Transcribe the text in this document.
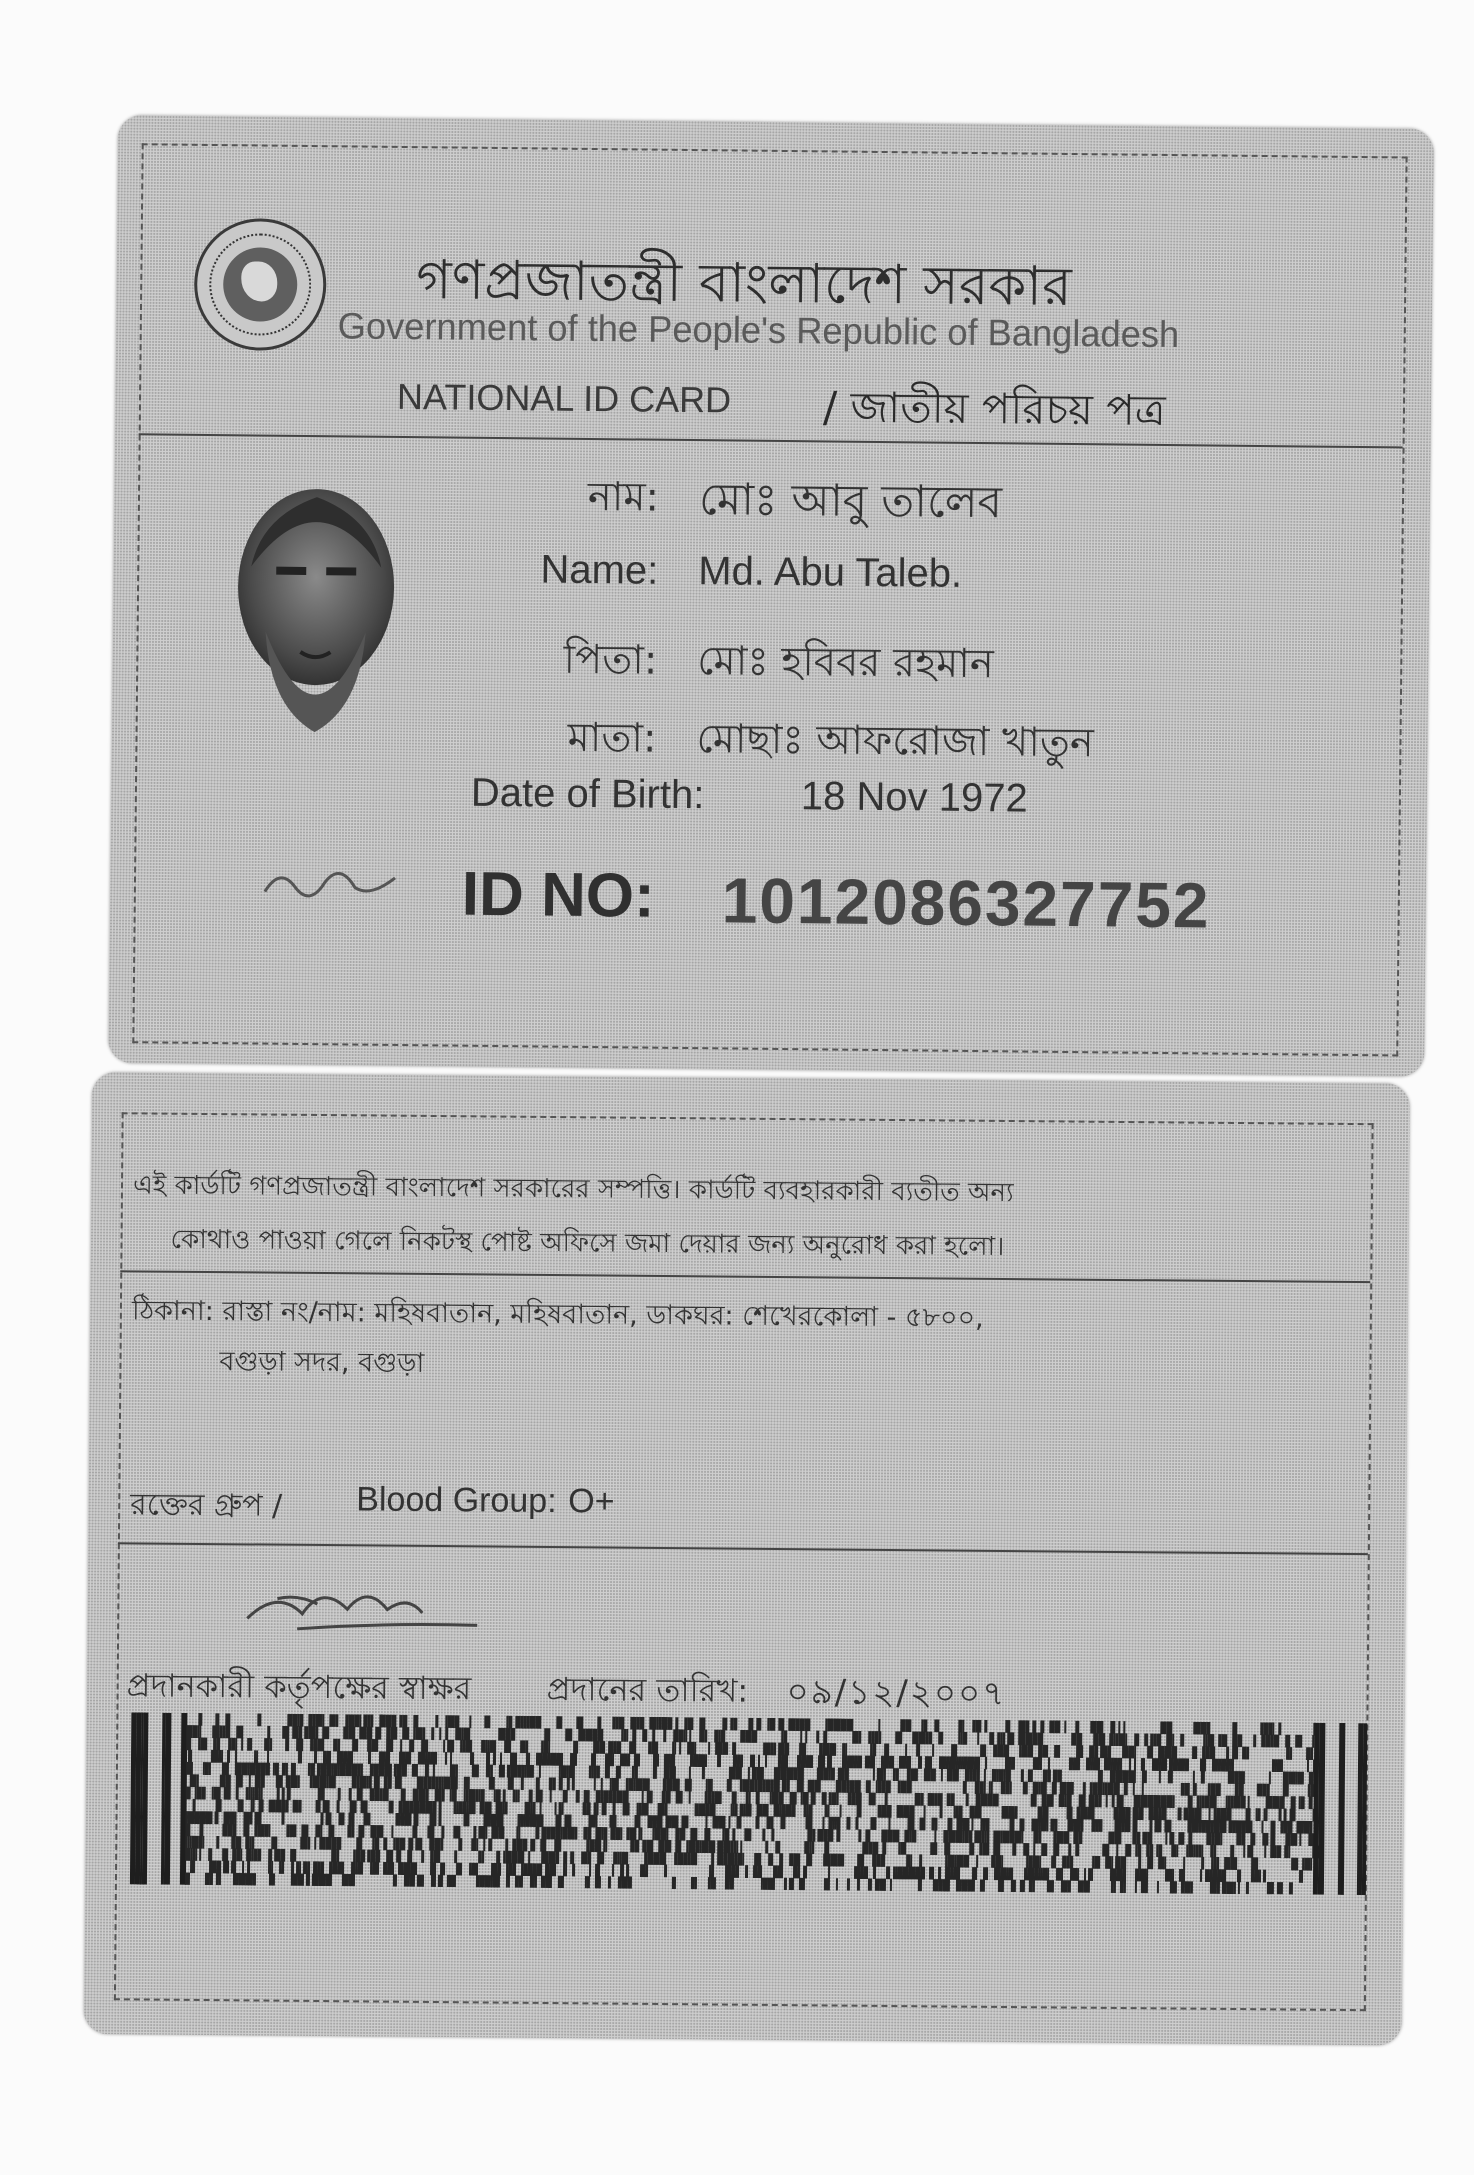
গণপ্রজাতন্ত্রী বাংলাদেশ সরকার
Government of the People's Republic of Bangladesh
NATIONAL ID CARD / জাতীয় পরিচয় পত্র
নাম: মোঃ আবু তালেব
Name: Md. Abu Taleb.
পিতা: মোঃ হবিবর রহমান
মাতা: মোছাঃ আফরোজা খাতুন
Date of Birth: 18 Nov 1972
ID NO: 1012086327752
এই কার্ডটি গণপ্রজাতন্ত্রী বাংলাদেশ সরকারের সম্পত্তি। কার্ডটি ব্যবহারকারী ব্যতীত অন্য
কোথাও পাওয়া গেলে নিকটস্থ পোষ্ট অফিসে জমা দেয়ার জন্য অনুরোধ করা হলো।
ঠিকানা: রাস্তা নং/নাম: মহিষবাতান, মহিষবাতান, ডাকঘর: শেখেরকোলা - ৫৮০০,
বগুড়া সদর, বগুড়া
রক্তের গ্রুপ / Blood Group: O+
প্রদানকারী কর্তৃপক্ষের স্বাক্ষর প্রদানের তারিখ: ০৯/১২/২০০৭
